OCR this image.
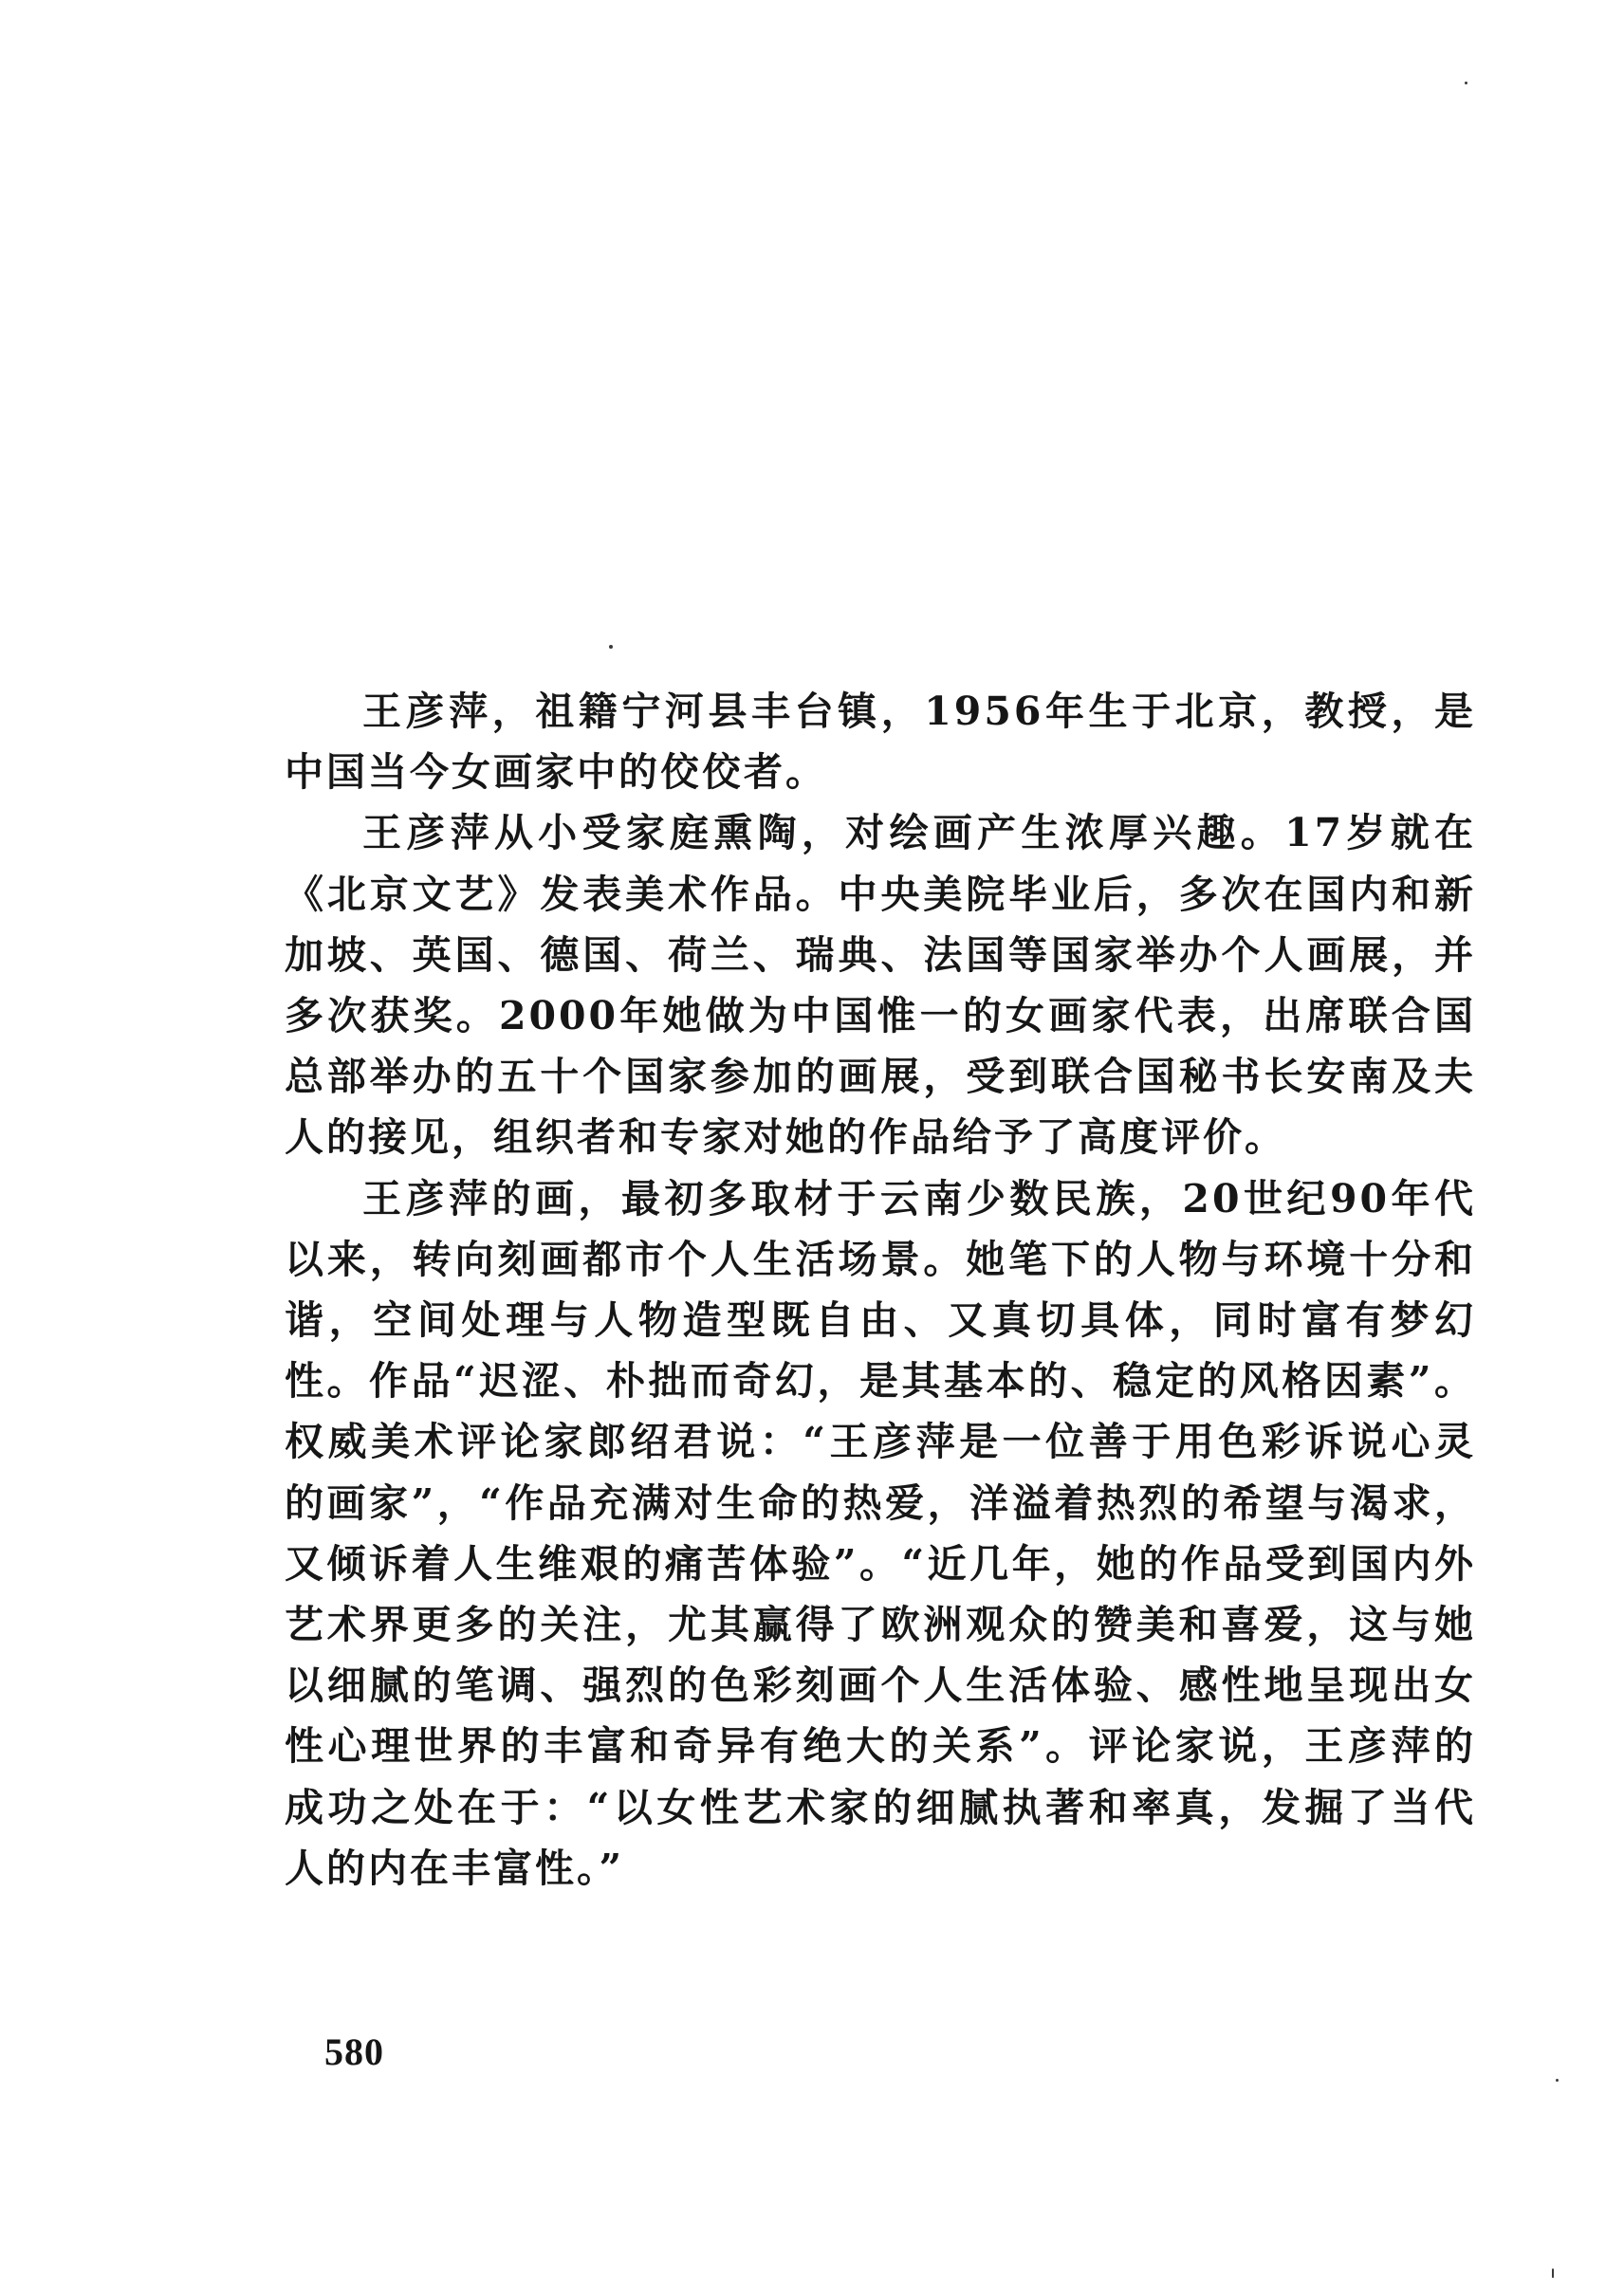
王彦萍，祖籍宁河县丰台镇，1956年生于北京，教授，是中国当今女画家中的佼佼者。

王彦萍从小受家庭熏陶，对绘画产生浓厚兴趣。17岁就在《北京文艺》发表美术作品。中央美院毕业后，多次在国内和新加坡、英国、德国、荷兰、瑞典、法国等国家举办个人画展，并多次获奖。2000年她做为中国惟一的女画家代表，出席联合国总部举办的五十个国家参加的画展，受到联合国秘书长安南及夫人的接见，组织者和专家对她的作品给予了高度评价。

王彦萍的画，最初多取材于云南少数民族，20世纪90年代以来，转向刻画都市个人生活场景。她笔下的人物与环境十分和谐，空间处理与人物造型既自由、又真切具体，同时富有梦幻性。作品“迟涩、朴拙而奇幻，是其基本的、稳定的风格因素”。权威美术评论家郎绍君说：“王彦萍是一位善于用色彩诉说心灵的画家”，“作品充满对生命的热爱，洋溢着热烈的希望与渴求，又倾诉着人生维艰的痛苦体验”。“近几年，她的作品受到国内外艺术界更多的关注，尤其赢得了欧洲观众的赞美和喜爱，这与她以细腻的笔调、强烈的色彩刻画个人生活体验、感性地呈现出女性心理世界的丰富和奇异有绝大的关系”。评论家说，王彦萍的成功之处在于：“以女性艺术家的细腻执著和率真，发掘了当代人的内在丰富性。”

580
